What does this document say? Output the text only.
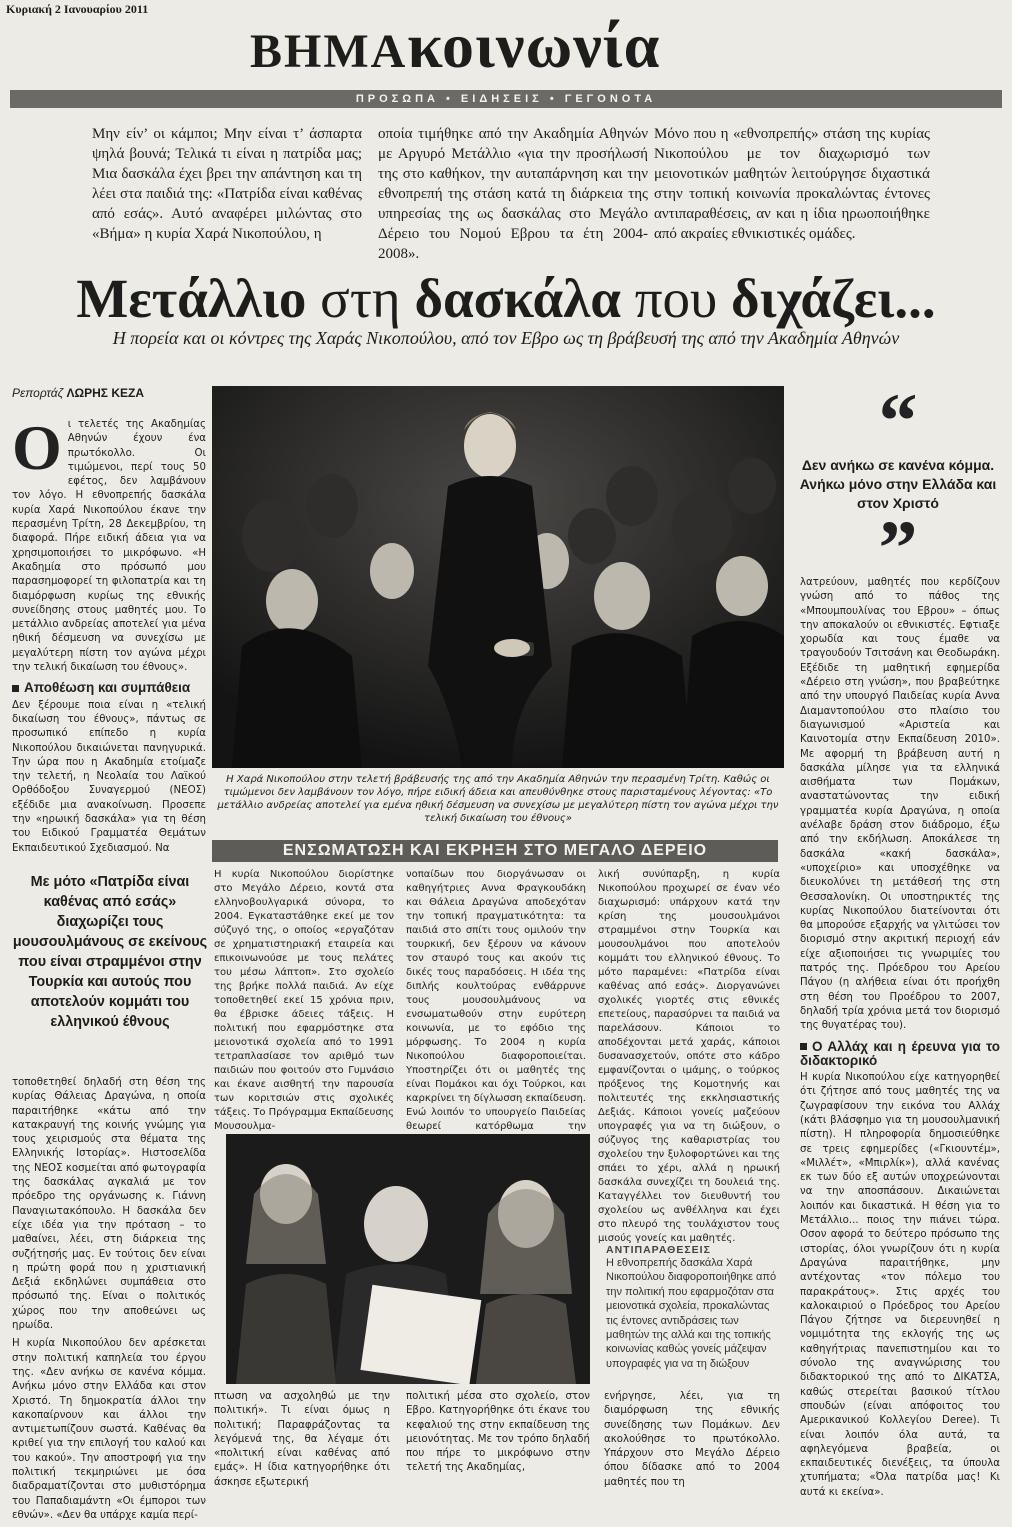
Κυριακή 2 Ιανουαρίου 2011
ΒΗΜΑκοινωνία
ΠΡΟΣΩΠΑ • ΕΙΔΗΣΕΙΣ • ΓΕΓΟΝΟΤΑ
Μην είν’ οι κάμποι; Μην είναι τ’ άσπαρτα ψηλά βουνά; Τελικά τι είναι η πατρίδα μας; Μια δασκάλα έχει βρει την απάντηση και τη λέει στα παιδιά της: «Πατρίδα είναι καθένας από εσάς». Αυτό αναφέρει μιλώντας στο «Βήμα» η κυρία Χαρά Νικοπούλου, η
οποία τιμήθηκε από την Ακαδημία Αθηνών με Αργυρό Μετάλλιο «για την προσήλωσή της στο καθήκον, την αυταπάρνηση και την εθνοπρεπή της στάση κατά τη διάρκεια της υπηρεσίας της ως δασκάλας στο Μεγάλο Δέρειο του Νομού Εβρου τα έτη 2004-2008».
Μόνο που η «εθνοπρεπής» στάση της κυρίας Νικοπούλου με τον διαχωρισμό των μειονοτικών μαθητών λειτούργησε διχαστικά στην τοπική κοινωνία προκαλώντας έντονες αντιπαραθέσεις, αν και η ίδια ηρωοποιήθηκε από ακραίες εθνικιστικές ομάδες.
Μετάλλιο στη δασκάλα που διχάζει...
Η πορεία και οι κόντρες της Χαράς Νικοπούλου, από τον Εβρο ως τη βράβευσή της από την Ακαδημία Αθηνών
Ρεπορτάζ ΛΩΡΗΣ ΚΕΖΑ
Ο ι τελετές της Ακαδημίας Αθηνών έχουν ένα πρωτόκολλο. Οι τιμώμενοι, περί τους 50 εφέτος, δεν λαμβάνουν τον λόγο. Η εθνοπρεπής δασκάλα κυρία Χαρά Νικοπούλου έκανε την περασμένη Τρίτη, 28 Δεκεμβρίου, τη διαφορά. Πήρε ειδική άδεια για να χρησιμοποιήσει το μικρόφωνο. «Η Ακαδημία στο πρόσωπό μου παρασημοφορεί τη φιλοπατρία και τη διαμόρφωση κυρίως της εθνικής συνείδησης στους μαθητές μου. Το μετάλλιο ανδρείας αποτελεί για μένα ηθική δέσμευση να συνεχίσω με μεγαλύτερη πίστη τον αγώνα μέχρι την τελική δικαίωση του έθνους».

Αποθέωση και συμπάθεια

Δεν ξέρουμε ποια είναι η «τελική δικαίωση του έθνους», πάντως σε προσωπικό επίπεδο η κυρία Νικοπούλου δικαιώνεται πανηγυρικά. Την ώρα που η Ακαδημία ετοίμαζε την τελετή, η Νεολαία του Λαϊκού Ορθόδοξου Συναγερμού (ΝΕΟΣ) εξέδιδε μια ανακοίνωση. Προσεπε την «ηρωική δασκάλα» για τη θέση του Ειδικού Γραμματέα Θεμάτων Εκπαιδευτικού Σχεδιασμού. Να

Με μότο «Πατρίδα είναι καθένας από εσάς» διαχωρίζει τους μουσουλμάνους σε εκείνους που είναι στραμμένοι στην Τουρκία και αυτούς που αποτελούν κομμάτι του ελληνικού έθνους

τοποθετηθεί δηλαδή στη θέση της κυρίας Θάλειας Δραγώνα, η οποία παραιτήθηκε «κάτω από την κατακραυγή της κοινής γνώμης για τους χειρισμούς στα θέματα της Ελληνικής Ιστορίας». Ηιστοσελίδα της ΝΕΟΣ κοσμείται από φωτογραφία της δασκάλας αγκαλιά με τον πρόεδρο της οργάνωσης κ. Γιάννη Παναγιωτακόπουλο. Η δασκάλα δεν είχε ιδέα για την πρόταση – το μαθαίνει, λέει, στη διάρκεια της συζήτησής μας. Εν τούτοις δεν είναι η πρώτη φορά που η χριστιανική Δεξιά εκδηλώνει συμπάθεια στο πρόσωπό της. Είναι ο πολιτικός χώρος που την αποθεώνει ως ηρωίδα.

Η κυρία Νικοπούλου δεν αρέσκεται στην πολιτική καπηλεία του έργου της. «Δεν ανήκω σε κανένα κόμμα. Ανήκω μόνο στην Ελλάδα και στον Χριστό. Τη δημοκρατία άλλοι την κακοπαίρνουν και άλλοι την αντιμετωπίζουν σωστά. Καθένας θα κριθεί για την επιλογή του καλού και του κακού». Την αποστροφή για την πολιτική τεκμηριώνει με όσα διαδραματίζονται στο μυθιστόρημα του Παπαδιαμάντη «Οι έμποροι των εθνών». «Δεν θα υπάρχε καμία περί-

Η Χαρά Νικοπούλου στην τελετή βράβευσής της από την Ακαδημία Αθηνών την περασμένη Τρίτη. Καθώς οι τιμώμενοι δεν λαμβάνουν τον λόγο, πήρε ειδική άδεια και απευθύνθηκε στους παρισταμένους λέγοντας: «Το μετάλλιο ανδρείας αποτελεί για εμένα ηθική δέσμευση να συνεχίσω με μεγαλύτερη πίστη τον αγώνα μέχρι την τελική δικαίωση του έθνους»
“
Δεν ανήκω σε κανένα κόμμα. Ανήκω μόνο στην Ελλάδα και στον Χριστό
”

λατρεύουν, μαθητές που κερδίζουν γνώση από το πάθος της «Μπουμπουλίνας του Εβρου» – όπως την αποκαλούν οι εθνικιστές. Εφτιαξε χορωδία και τους έμαθε να τραγουδούν Τσιτσάνη και Θεοδωράκη. Εξέδιδε τη μαθητική εφημερίδα «Δέρειο στη γνώση», που βραβεύτηκε από την υπουργό Παιδείας κυρία Αννα Διαμαντοπούλου στο πλαίσιο του διαγωνισμού «Αριστεία και Καινοτομία στην Εκπαίδευση 2010». Με αφορμή τη βράβευση αυτή η δασκάλα μίλησε για τα ελληνικά αισθήματα των Πομάκων, αναστατώνοντας την ειδική γραμματέα κυρία Δραγώνα, η οποία ανέλαβε δράση στον διάδρομο, έξω από την εκδήλωση. Αποκάλεσε τη δασκάλα «κακή δασκάλα», «υποχείριο» και υποσχέθηκε να διευκολύνει τη μετάθεσή της στη Θεσσαλονίκη. Οι υποστηρικτές της κυρίας Νικοπούλου διατείνονται ότι θα μπορούσε εξαρχής να γλιτώσει τον διορισμό στην ακριτική περιοχή εάν είχε αξιοποιήσει τις γνωριμίες του πατρός της. Πρόεδρου του Αρείου Πάγου (η αλήθεια είναι ότι προήχθη στη θέση του Προέδρου το 2007, δηλαδή τρία χρόνια μετά τον διορισμό της θυγατέρας του).

Ο Αλλάχ και η έρευνα για το διδακτορικό

Η κυρία Νικοπούλου είχε κατηγορηθεί ότι ζήτησε από τους μαθητές της να ζωγραφίσουν την εικόνα του Αλλάχ (κάτι βλάσφημο για τη μουσουλμανική πίστη). Η πληροφορία δημοσιεύθηκε σε τρεις εφημερίδες («Γκιουντέμ», «Μιλλέτ», «Μπιρλίκ»), αλλά κανένας εκ των δύο εξ αυτών υποχρεώνονται να την αποσπάσουν. Δικαιώνεται λοιπόν και δικαστικά. Η θέση για το Μετάλλιο... ποιος την πιάνει τώρα. Οσον αφορά το δεύτερο πρόσωπο της ιστορίας, όλοι γνωρίζουν ότι η κυρία Δραγώνα παραιτήθηκε, μην αντέχοντας «τον πόλεμο του παρακράτους». Στις αρχές του καλοκαιριού ο Πρόεδρος του Αρείου Πάγου ζήτησε να διερευνηθεί η νομιμότητα της εκλογής της ως καθηγήτριας πανεπιστημίου και το σύνολο της αναγνώρισης του διδακτορικού της από το ΔΙΚΑΤΣΑ, καθώς στερείται βασικού τίτλου σπουδών (είναι απόφοιτος του Αμερικανικού Κολλεγίου Deree). Τι είναι λοιπόν όλα αυτά, τα αφηλεγόμενα βραβεία, οι εκπαιδευτικές διενέξεις, τα ύπουλα χτυπήματα; «Όλα πατρίδα μας! Κι αυτά κι εκείνα».

ΕΝΣΩΜΑΤΩΣΗ ΚΑΙ ΕΚΡΗΞΗ ΣΤΟ ΜΕΓΑΛΟ ΔΕΡΕΙΟ
Η κυρία Νικοπούλου διορίστηκε στο Μεγάλο Δέρειο, κοντά στα ελληνοβουλγαρικά σύνορα, το 2004. Εγκαταστάθηκε εκεί με τον σύζυγό της, ο οποίος «εργαζόταν σε χρηματιστηριακή εταιρεία και επικοινωνούσε με τους πελάτες του μέσω λάπτοπ». Στο σχολείο της βρήκε πολλά παιδιά. Αν είχε τοποθετηθεί εκεί 15 χρόνια πριν, θα έβρισκε άδειες τάξεις. Η πολιτική που εφαρμόστηκε στα μειονοτικά σχολεία από το 1991 τετραπλασίασε τον αριθμό των παιδιών που φοιτούν στο Γυμνάσιο και έκανε αισθητή την παρουσία των κοριτσιών στις σχολικές τάξεις. Το Πρόγραμμα Εκπαίδευσης Μουσουλμα-
νοπαίδων που διοργάνωσαν οι καθηγήτριες Αννα Φραγκουδάκη και Θάλεια Δραγώνα αποδεχόταν την τοπική πραγματικότητα: τα παιδιά στο σπίτι τους ομιλούν την τουρκική, δεν ξέρουν να κάνουν τον σταυρό τους και ακούν τις δικές τους παραδόσεις. Η ιδέα της διπλής κουλτούρας ενθάρρυνε τους μουσουλμάνους να ενσωματωθούν στην ευρύτερη κοινωνία, με το εφόδιο της μόρφωσης. Το 2004 η κυρία Νικοπούλου διαφοροποιείται. Υποστηρίζει ότι οι μαθητές της είναι Πομάκοι και όχι Τούρκοι, και καρκρίνει τη δίγλωσση εκπαίδευση. Ενώ λοιπόν το υπουργείο Παιδείας θεωρεί κατόρθωμα την
λική συνύπαρξη, η κυρία Νικοπούλου προχωρεί σε έναν νέο διαχωρισμό: υπάρχουν κατά την κρίση της μουσουλμάνοι στραμμένοι στην Τουρκία και μουσουλμάνοι που αποτελούν κομμάτι του ελληνικού έθνους. Το μότο παραμένει: «Πατρίδα είναι καθένας από εσάς». Διοργανώνει σχολικές γιορτές στις εθνικές επετείους, παρασύρνει τα παιδιά να παρελάσουν. Κάποιοι το αποδέχονται μετά χαράς, κάποιοι δυσανασχετούν, οπότε στο κάδρο εμφανίζονται ο ιμάμης, ο τούρκος πρόξενος της Κομοτηνής και πολιτευτές της εκκλησιαστικής Δεξιάς. Κάποιοι γονείς μαζεύουν υπογραφές για να τη διώξουν, ο σύζυγος της καθαριστρίας του σχολείου την ξυλοφορτώνει και της σπάει το χέρι, αλλά η ηρωική δασκάλα συνεχίζει τη δουλειά της. Καταγγέλλει τον διευθυντή του σχολείου ως ανθέλληνα και έχει στο πλευρό της τουλάχιστον τους μισούς γονείς και μαθητές.
ΑΝΤΙΠΑΡΑΘΕΣΕΙΣ
Η εθνοπρεπής δασκάλα Χαρά Νικοπούλου διαφοροποιήθηκε από την πολιτική που εφαρμοζόταν στα μειονοτικά σχολεία, προκαλώντας τις έντονες αντιδράσεις των μαθητών της αλλά και της τοπικής κοινωνίας καθώς γονείς μάζεψαν υπογραφές για να τη διώξουν
πτωση να ασχοληθώ με την πολιτική». Τι είναι όμως η πολιτική; Παραφράζοντας τα λεγόμενά της, θα λέγαμε ότι «πολιτική είναι καθένας από εμάς». Η ίδια κατηγορήθηκε ότι άσκησε εξωτερική
πολιτική μέσα στο σχολείο, στον Εβρο. Κατηγορήθηκε ότι έκανε του κεφαλιού της στην εκπαίδευση της μειονότητας. Με τον τρόπο δηλαδή που πήρε το μικρόφωνο στην τελετή της Ακαδημίας,
ενήργησε, λέει, για τη διαμόρφωση της εθνικής συνείδησης των Πομάκων. Δεν ακολούθησε το πρωτόκολλο. Υπάρχουν στο Μεγάλο Δέρειο όπου δίδασκε από το 2004 μαθητές που τη
